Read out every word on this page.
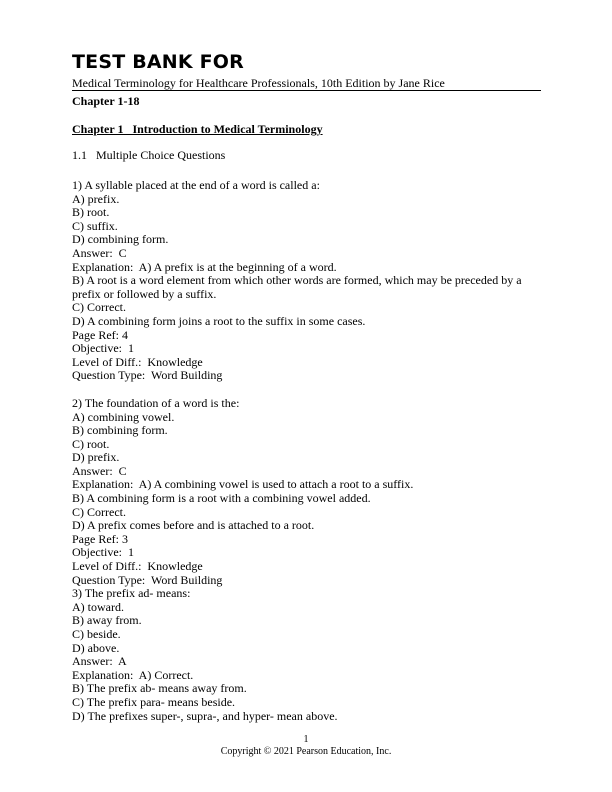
TEST BANK FOR
Medical Terminology for Healthcare Professionals, 10th Edition by Jane Rice
Chapter 1-18
Chapter 1   Introduction to Medical Terminology
1.1   Multiple Choice Questions
1) A syllable placed at the end of a word is called a:
A) prefix.
B) root.
C) suffix.
D) combining form.
Answer:  C
Explanation:  A) A prefix is at the beginning of a word.
B) A root is a word element from which other words are formed, which may be preceded by a
prefix or followed by a suffix.
C) Correct.
D) A combining form joins a root to the suffix in some cases.
Page Ref: 4
Objective:  1
Level of Diff.:  Knowledge
Question Type:  Word Building
2) The foundation of a word is the:
A) combining vowel.
B) combining form.
C) root.
D) prefix.
Answer:  C
Explanation:  A) A combining vowel is used to attach a root to a suffix.
B) A combining form is a root with a combining vowel added.
C) Correct.
D) A prefix comes before and is attached to a root.
Page Ref: 3
Objective:  1
Level of Diff.:  Knowledge
Question Type:  Word Building
3) The prefix ad- means:
A) toward.
B) away from.
C) beside.
D) above.
Answer:  A
Explanation:  A) Correct.
B) The prefix ab- means away from.
C) The prefix para- means beside.
D) The prefixes super-, supra-, and hyper- mean above.
1
Copyright © 2021 Pearson Education, Inc.
